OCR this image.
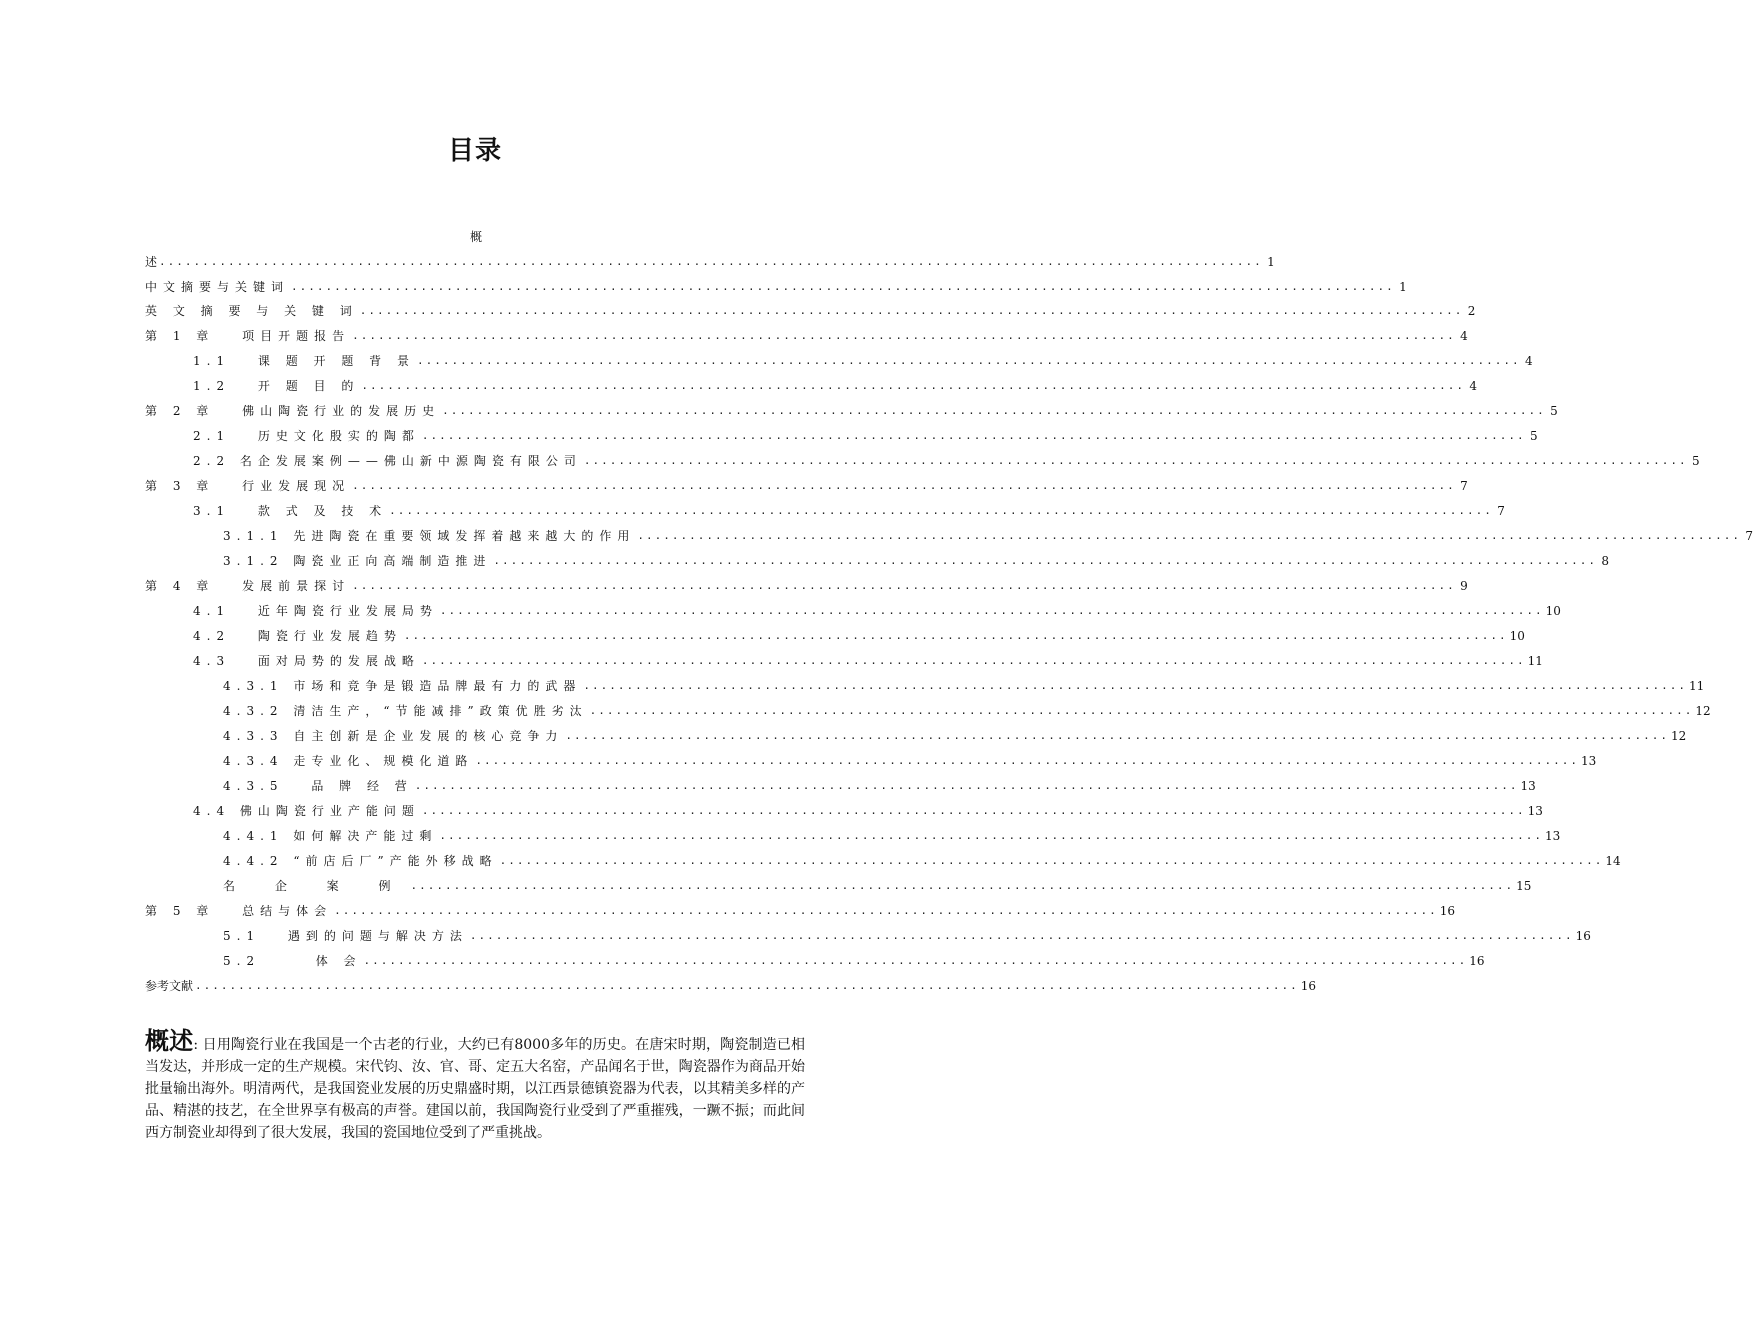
目录
概
述 ................................................................................................................................ 1
中文摘要与关键词 ................................................................................................................................ 1
英 文 摘 要 与 关 键 词 ................................................................................................................................ 2
第 1 章 　项目开题报告 ................................................................................................................................ 4
1.1 　课 题 开 题 背 景 ................................................................................................................................ 4
1.2 　开 题 目 的 ................................................................................................................................ 4
第 2 章 　佛山陶瓷行业的发展历史 ................................................................................................................................ 5
2.1 　历史文化殷实的陶都 ................................................................................................................................ 5
2.2 名企发展案例——佛山新中源陶瓷有限公司 ................................................................................................................................ 5
第 3 章 　行业发展现况 ................................................................................................................................ 7
3.1 　款 式 及 技 术 ................................................................................................................................ 7
3.1.1 先进陶瓷在重要领域发挥着越来越大的作用 ................................................................................................................................ 7
3.1.2 陶瓷业正向高端制造推进 ................................................................................................................................ 8
第 4 章 　发展前景探讨 ................................................................................................................................ 9
4.1 　近年陶瓷行业发展局势 ................................................................................................................................ 10
4.2 　陶瓷行业发展趋势 ................................................................................................................................ 10
4.3 　面对局势的发展战略 ................................................................................................................................ 11
4.3.1 市场和竞争是锻造品牌最有力的武器 ................................................................................................................................ 11
4.3.2 清洁生产，“节能减排”政策优胜劣汰 ................................................................................................................................ 12
4.3.3 自主创新是企业发展的核心竞争力 ................................................................................................................................ 12
4.3.4 走专业化、规模化道路 ................................................................................................................................ 13
4.3.5 　品 牌 经 营 ................................................................................................................................ 13
4.4 佛山陶瓷行业产能问题 ................................................................................................................................ 13
4.4.1 如何解决产能过剩 ................................................................................................................................ 13
4.4.2 “前店后厂”产能外移战略 ................................................................................................................................ 14
名 企 案 例 ................................................................................................................................ 15
第 5 章 　总结与体会 ................................................................................................................................ 16
5.1 　遇到的问题与解决方法 ................................................................................................................................ 16
5.2 　　 体 会 ................................................................................................................................ 16
参考文献 ................................................................................................................................ 16

概述: 日用陶瓷行业在我国是一个古老的行业，大约已有8000多年的历史。在唐宋时期，陶瓷制造已相当发达，并形成一定的生产规模。宋代钧、汝、官、哥、定五大名窑，产品闻名于世，陶瓷器作为商品开始批量输出海外。明清两代，是我国瓷业发展的历史鼎盛时期，以江西景德镇瓷器为代表，以其精美多样的产品、精湛的技艺，在全世界享有极高的声誉。建国以前，我国陶瓷行业受到了严重摧残，一蹶不振；而此间西方制瓷业却得到了很大发展，我国的瓷国地位受到了严重挑战。
